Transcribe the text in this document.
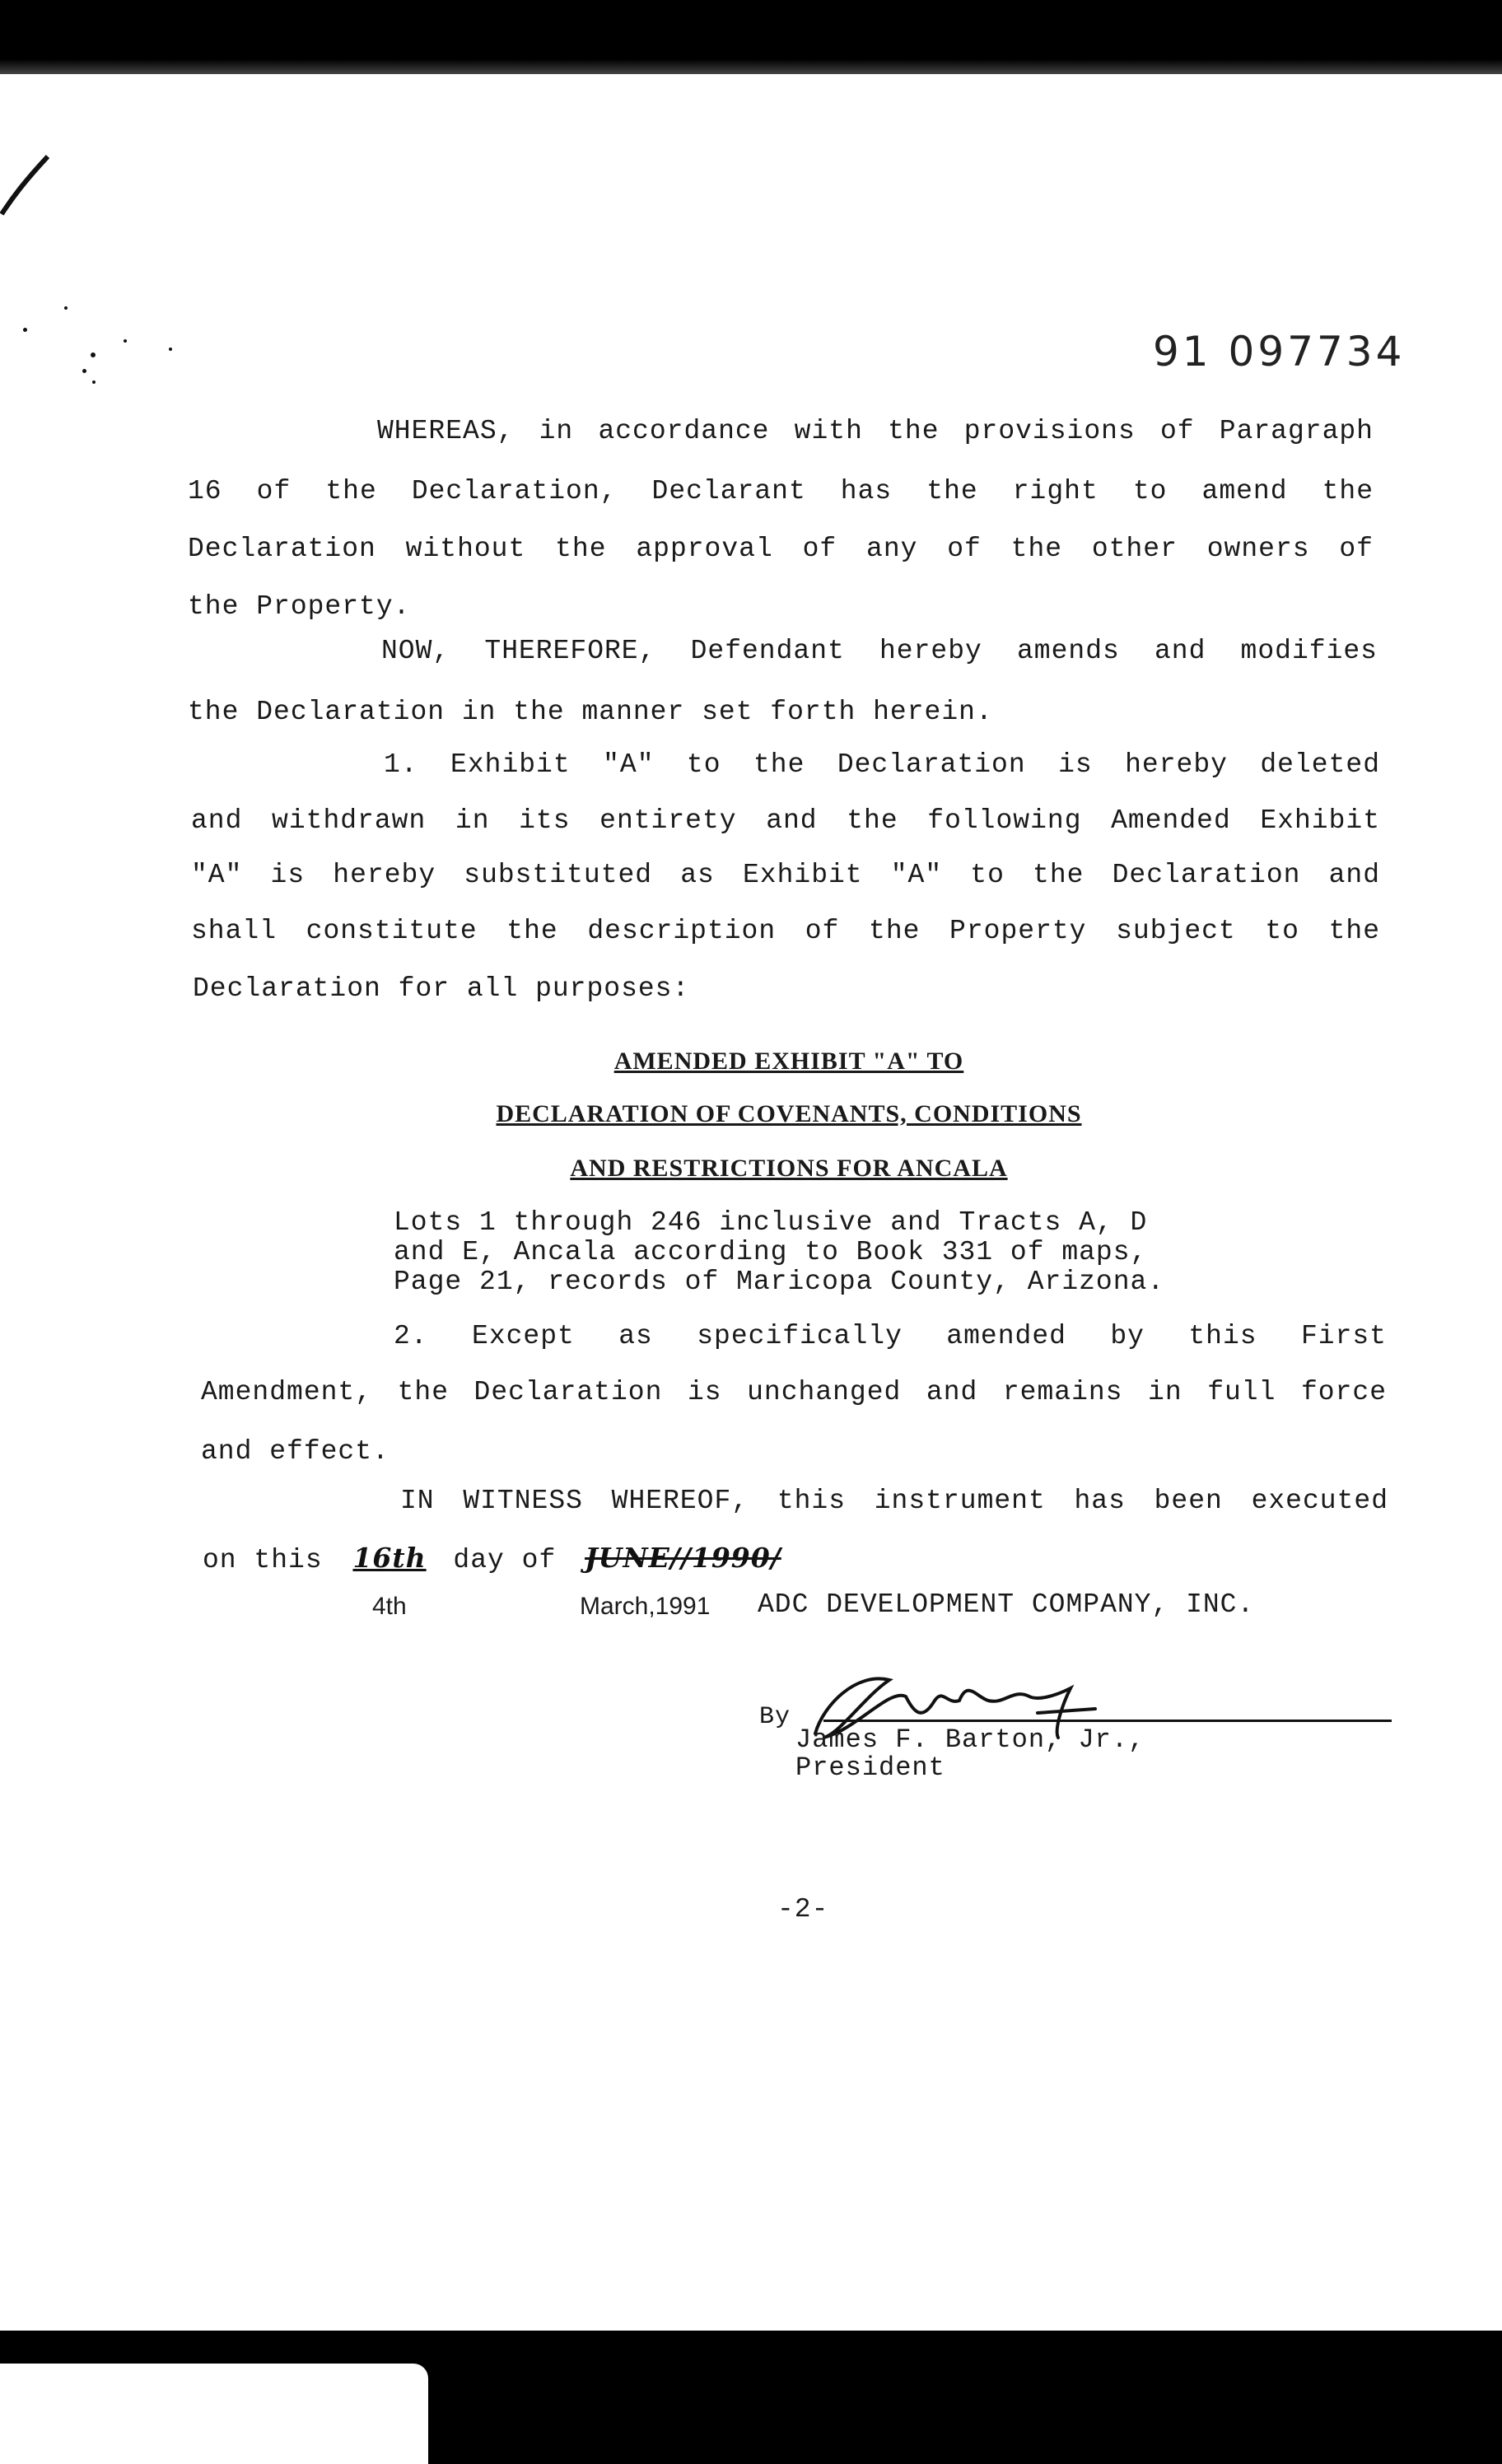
91 097734
WHEREAS, in accordance with the provisions of Paragraph
16 of the Declaration, Declarant has the right to amend the
Declaration without the approval of any of the other owners of
the Property.
NOW, THEREFORE, Defendant hereby amends and modifies
the Declaration in the manner set forth herein.
1. Exhibit "A" to the Declaration is hereby deleted
and withdrawn in its entirety and the following Amended Exhibit
"A" is hereby substituted as Exhibit "A" to the Declaration and
shall constitute the description of the Property subject to the
Declaration for all purposes:
AMENDED EXHIBIT "A" TO
DECLARATION OF COVENANTS, CONDITIONS
AND RESTRICTIONS FOR ANCALA
Lots 1 through 246 inclusive and Tracts A, D
and E, Ancala according to Book 331 of maps,
Page 21, records of Maricopa County, Arizona.
2. Except as specifically amended by this First
Amendment, the Declaration is unchanged and remains in full force
and effect.
IN WITNESS WHEREOF, this instrument has been executed
on this 16th day of JUNE//1990/
4th	March,1991 ADC DEVELOPMENT COMPANY, INC.
By
James F. Barton, Jr.,
President
-2-
